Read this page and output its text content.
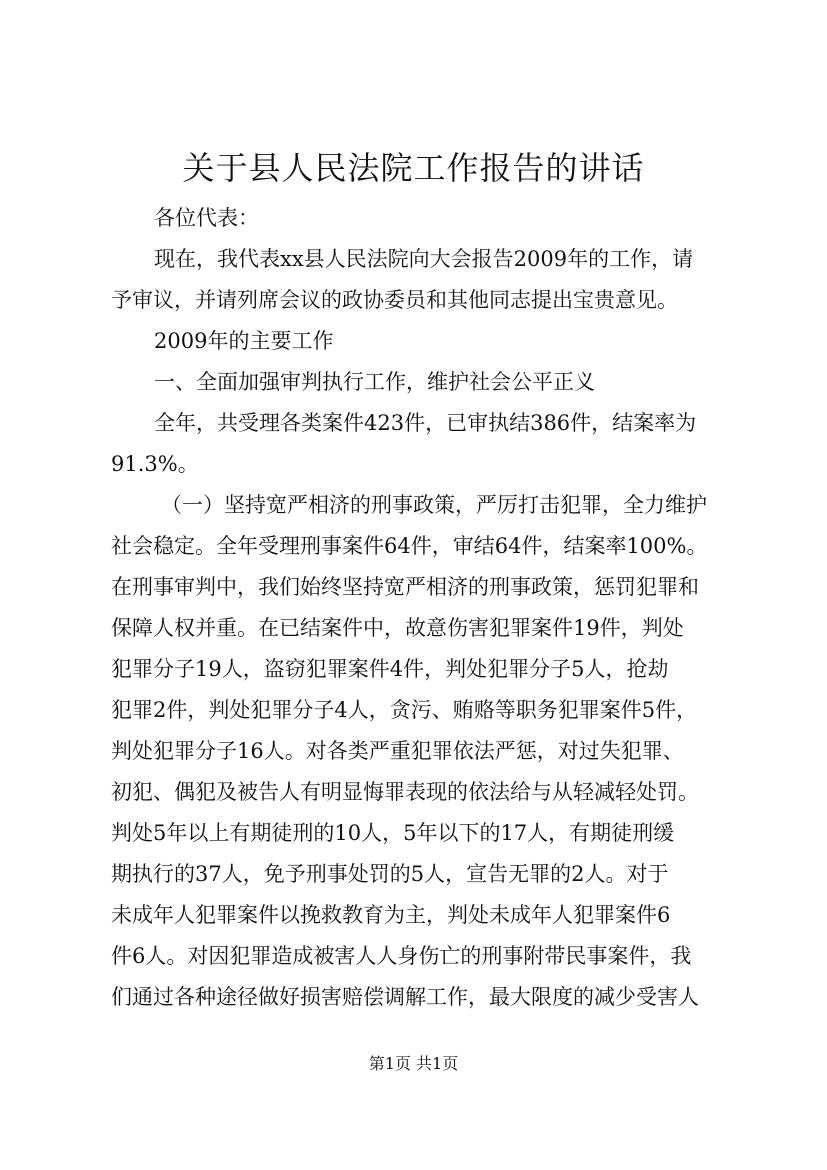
关于县人民法院工作报告的讲话
各位代表：
现在，我代表xx县人民法院向大会报告2009年的工作，请
予审议，并请列席会议的政协委员和其他同志提出宝贵意见。
2009年的主要工作
一、全面加强审判执行工作，维护社会公平正义
全年，共受理各类案件423件，已审执结386件，结案率为
91.3%。
（一）坚持宽严相济的刑事政策，严厉打击犯罪，全力维护
社会稳定。全年受理刑事案件64件，审结64件，结案率100%。
在刑事审判中，我们始终坚持宽严相济的刑事政策，惩罚犯罪和
保障人权并重。在已结案件中，故意伤害犯罪案件19件，判处
犯罪分子19人，盗窃犯罪案件4件，判处犯罪分子5人，抢劫
犯罪2件，判处犯罪分子4人，贪污、贿赂等职务犯罪案件5件，
判处犯罪分子16人。对各类严重犯罪依法严惩，对过失犯罪、
初犯、偶犯及被告人有明显悔罪表现的依法给与从轻减轻处罚。
判处5年以上有期徒刑的10人，5年以下的17人，有期徒刑缓
期执行的37人，免予刑事处罚的5人，宣告无罪的2人。对于
未成年人犯罪案件以挽救教育为主，判处未成年人犯罪案件6
件6人。对因犯罪造成被害人人身伤亡的刑事附带民事案件，我
们通过各种途径做好损害赔偿调解工作，最大限度的减少受害人
第1页 共1页
